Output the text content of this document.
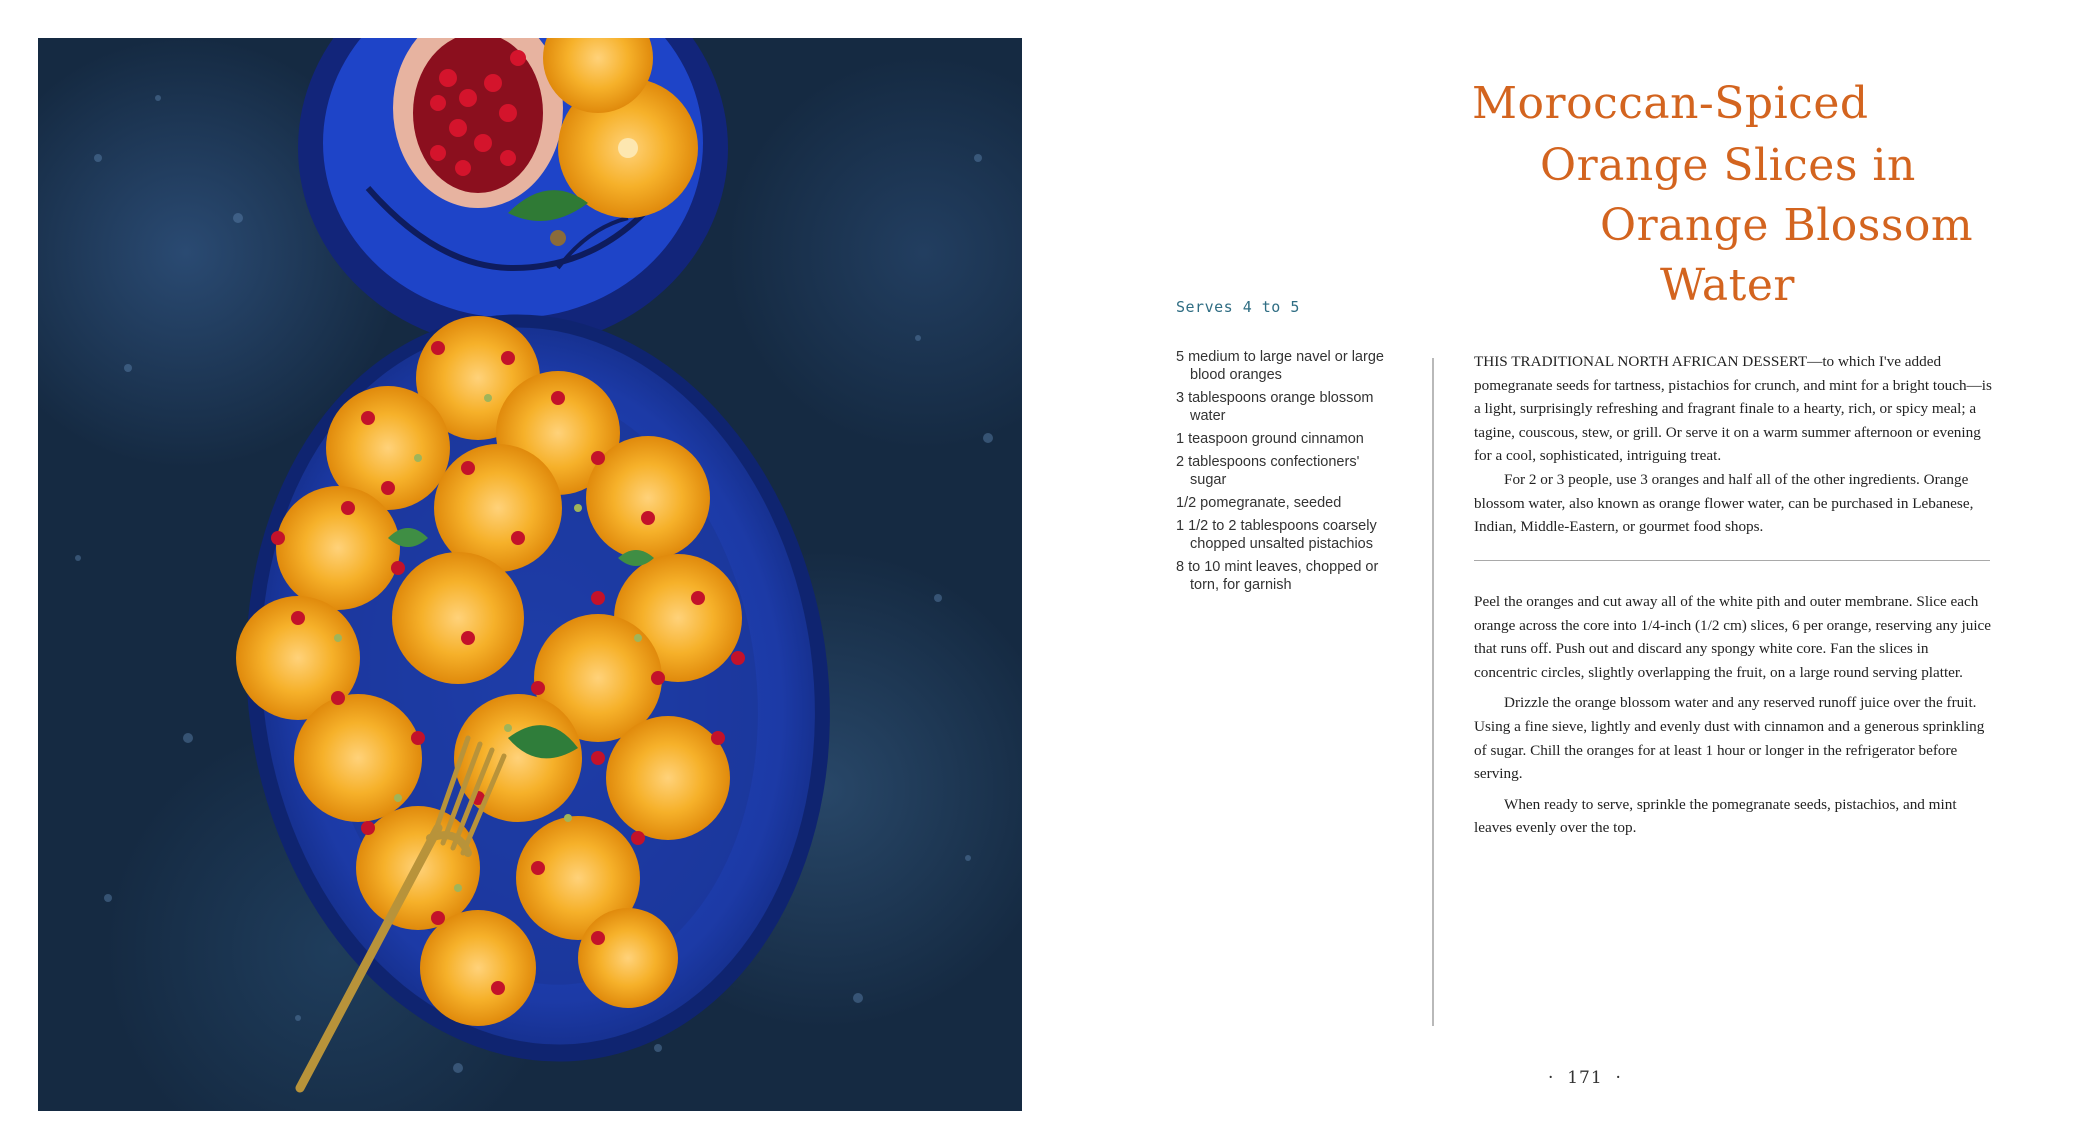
Moroccan-Spiced
Orange Slices in
Orange Blossom
Water
Serves 4 to 5
5 medium to large navel or large blood oranges
3 tablespoons orange blossom water
1 teaspoon ground cinnamon
2 tablespoons confectioners' sugar
1/2 pomegranate, seeded
1 1/2 to 2 tablespoons coarsely chopped unsalted pistachios
8 to 10 mint leaves, chopped or torn, for garnish

THIS TRADITIONAL NORTH AFRICAN DESSERT—to which I've added pomegranate seeds for tartness, pistachios for crunch, and mint for a bright touch—is a light, surprisingly refreshing and fragrant finale to a hearty, rich, or spicy meal; a tagine, couscous, stew, or grill. Or serve it on a warm summer afternoon or evening for a cool, sophisticated, intriguing treat.

For 2 or 3 people, use 3 oranges and half all of the other ingredients. Orange blossom water, also known as orange flower water, can be purchased in Lebanese, Indian, Middle-Eastern, or gourmet food shops.

Peel the oranges and cut away all of the white pith and outer membrane. Slice each orange across the core into 1/4-inch (1/2 cm) slices, 6 per orange, reserving any juice that runs off. Push out and discard any spongy white core. Fan the slices in concentric circles, slightly overlapping the fruit, on a large round serving platter.

Drizzle the orange blossom water and any reserved runoff juice over the fruit. Using a fine sieve, lightly and evenly dust with cinnamon and a generous sprinkling of sugar. Chill the oranges for at least 1 hour or longer in the refrigerator before serving.

When ready to serve, sprinkle the pomegranate seeds, pistachios, and mint leaves evenly over the top.

·  171  ·
